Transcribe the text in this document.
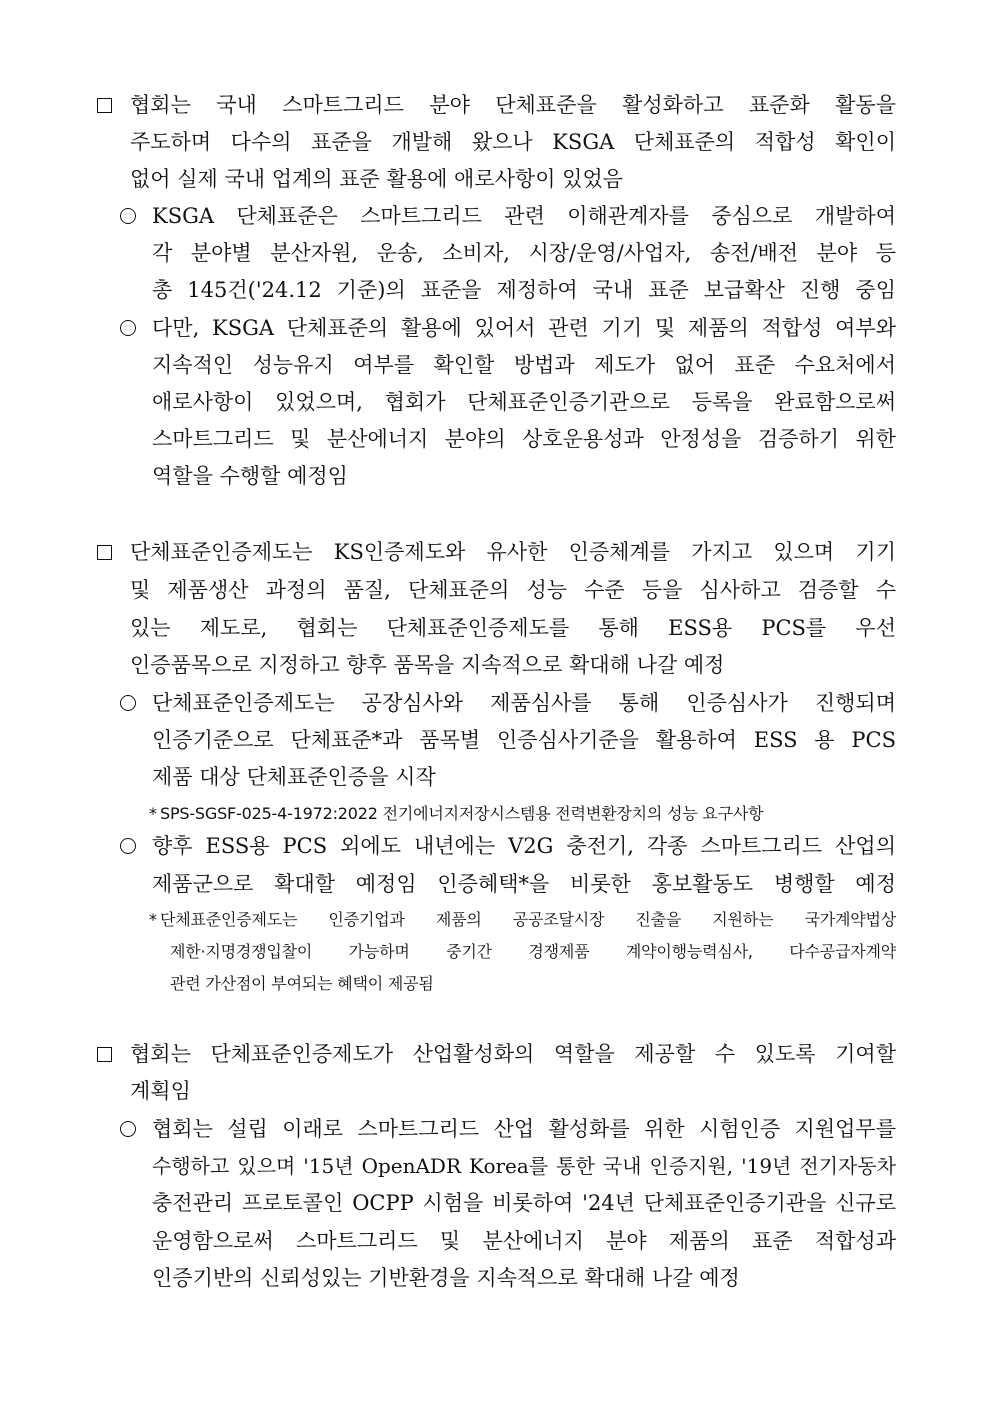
협회는 국내 스마트그리드 분야 단체표준을 활성화하고 표준화 활동을
주도하며 다수의 표준을 개발해 왔으나 KSGA 단체표준의 적합성 확인이
없어 실제 국내 업계의 표준 활용에 애로사항이 있었음
KSGA 단체표준은 스마트그리드 관련 이해관계자를 중심으로 개발하여
각 분야별 분산자원, 운송, 소비자, 시장/운영/사업자, 송전/배전 분야 등
총 145건('24.12 기준)의 표준을 제정하여 국내 표준 보급확산 진행 중임
다만, KSGA 단체표준의 활용에 있어서 관련 기기 및 제품의 적합성 여부와
지속적인 성능유지 여부를 확인할 방법과 제도가 없어 표준 수요처에서
애로사항이 있었으며, 협회가 단체표준인증기관으로 등록을 완료함으로써
스마트그리드 및 분산에너지 분야의 상호운용성과 안정성을 검증하기 위한
역할을 수행할 예정임
단체표준인증제도는 KS인증제도와 유사한 인증체계를 가지고 있으며 기기
및 제품생산 과정의 품질, 단체표준의 성능 수준 등을 심사하고 검증할 수
있는 제도로, 협회는 단체표준인증제도를 통해 ESS용 PCS를 우선
인증품목으로 지정하고 향후 품목을 지속적으로 확대해 나갈 예정
단체표준인증제도는 공장심사와 제품심사를 통해 인증심사가 진행되며
인증기준으로 단체표준*과 품목별 인증심사기준을 활용하여 ESS 용 PCS
제품 대상 단체표준인증을 시작
* SPS-SGSF-025-4-1972:2022 전기에너지저장시스템용 전력변환장치의 성능 요구사항
향후 ESS용 PCS 외에도 내년에는 V2G 충전기, 각종 스마트그리드 산업의
제품군으로 확대할 예정임 인증혜택*을 비롯한 홍보활동도 병행할 예정
* 단체표준인증제도는 인증기업과 제품의 공공조달시장 진출을 지원하는 국가계약법상
제한·지명경쟁입찰이 가능하며 중기간 경쟁제품 계약이행능력심사, 다수공급자계약
관련 가산점이 부여되는 혜택이 제공됨
협회는 단체표준인증제도가 산업활성화의 역할을 제공할 수 있도록 기여할
계획임
협회는 설립 이래로 스마트그리드 산업 활성화를 위한 시험인증 지원업무를
수행하고 있으며 '15년 OpenADR Korea를 통한 국내 인증지원, '19년 전기자동차
충전관리 프로토콜인 OCPP 시험을 비롯하여 '24년 단체표준인증기관을 신규로
운영함으로써 스마트그리드 및 분산에너지 분야 제품의 표준 적합성과
인증기반의 신뢰성있는 기반환경을 지속적으로 확대해 나갈 예정
